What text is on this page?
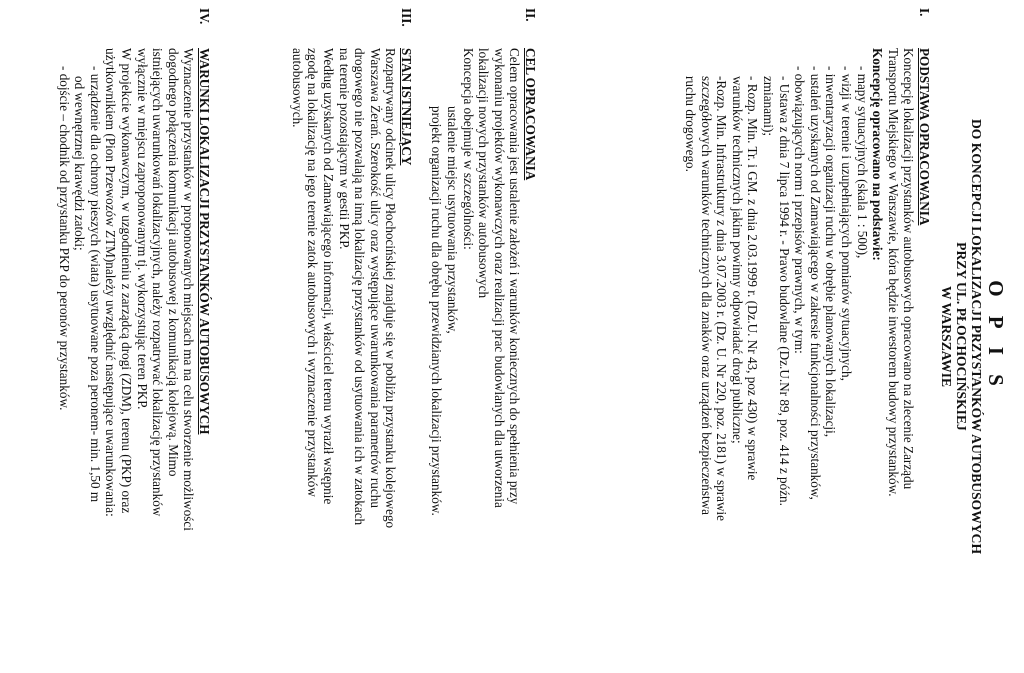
O P I S
DO KONCEPCJI LOKALIZACJI PRZYSTANKÓW AUTOBUSOWYCH
PRZY UL. PŁOCHOCIŃSKIEJ
W WARSZAWIE
I.

PODSTAWA OPRACOWANIA

Koncepcję lokalizacji przystanków autobusowych opracowano na zlecenie Zarządu

Transportu Miejskiego w Warszawie, która będzie inwestorem budowy przystanków.

Koncepcję opracowano na podstawie:

- mapy sytuacyjnych (skala 1 : 500),

- wizji w terenie i uzupełniających pomiarów sytuacyjnych,

- inwentaryzacji organizacji ruchu w obrębie planowanych lokalizacji,

- ustaleń uzyskanych od Zamawiającego w zakresie funkcjonalności przystanków,

- obowiązujących norm i przepisów prawnych, w tym:

- Ustawa z dnia 7 lipca 1994 r. - Prawo budowlane (Dz.U.Nr 89, poz. 414 z późn.

zmianami);

- Rozp. Min. Tr. i GM. z dnia 2.03.1999 r. (Dz.U. Nr 43, poz 430) w sprawie

warunków technicznych jakim powinny odpowiadać drogi publiczne;

-Rozp. Min. Infrastruktury z dnia 3.07.2003 r. (Dz. U. Nr 220, poz. 2181) w sprawie

szczegółowych warunków technicznych dla znaków oraz urządzeń bezpieczeństwa

ruchu drogowego.

II.

CEL OPRACOWANIA

Celem opracowania jest ustalenie założeń i warunków koniecznych do spełnienia przy

wykonaniu projektów wykonawczych oraz realizacji prac budowlanych dla utworzenia

lokalizacji nowych przystanków autobusowych

Koncepcja obejmuje w szczególności:

ustalenie miejsc usytuowania przystanków,

projekt organizacji ruchu dla obrębu przewidzianych lokalizacji przystanków.

III.

STAN ISTNIEJĄCY

Rozpatrywany odcinek ulicy Płochocińskiej znajduje się w pobliżu przystanku kolejowego

Warszawa Żerań. Szerokość ulicy oraz występujące uwarunkowania parametrów ruchu

drogowego nie pozwalają na inną lokalizację przystanków od usytuowania ich w zatokach

na terenie pozostającym w gestii PKP.

Według uzyskanych od Zamawiającego informacji, właściciel terenu wyraził wstępnie

zgodę na lokalizację na jego terenie zatok autobusowych i wyznaczenie przystanków

autobusowych.

IV.

WARUNKI LOKALIZACJI PRZYSTANKÓW AUTOBUSOWYCH

Wyznaczenie przystanków w proponowanych miejscach ma na celu stworzenie możliwości

dogodnego połączenia komunikacji autobusowej z komunikacją kolejową. Mimo

istniejących uwarunkowań lokalizacyjnych, należy rozpatrywać lokalizację przystanków

wyłącznie w miejscu zaproponowanym tj. wykorzystując teren PKP.

W projekcie wykonawczym, w uzgodnieniu z zarządcą drogi (ZDM), terenu (PKP) oraz

użytkownikiem (Pion Przewozów ZTM)należy uwzględnić następujące uwarunkowania:

- urządzenie dla ochrony pieszych (wiata) usytuowane poza peronem- min. 1,50 m

od wewnętrznej krawędzi zatoki;

- dojście – chodnik od przystanku PKP do peronów przystanków.
